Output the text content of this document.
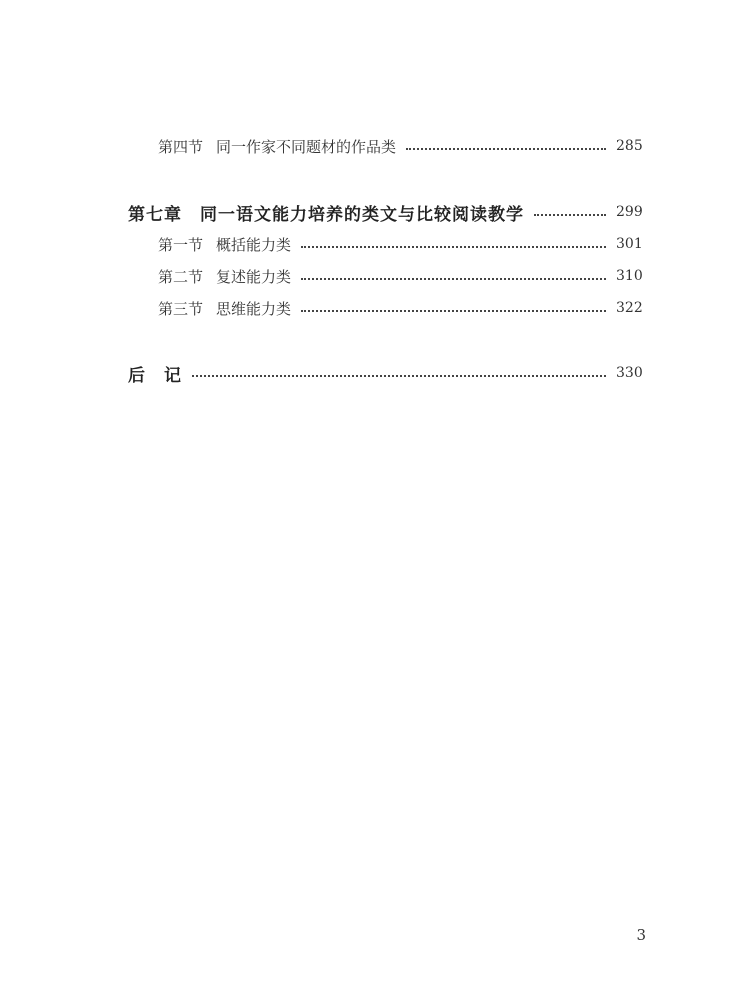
第四节 同一作家不同题材的作品类	285
第七章	同一语文能力培养的类文与比较阅读教学	299
第一节 概括能力类	301
第二节 复述能力类	310
第三节 思维能力类	322
后　记	330
3
